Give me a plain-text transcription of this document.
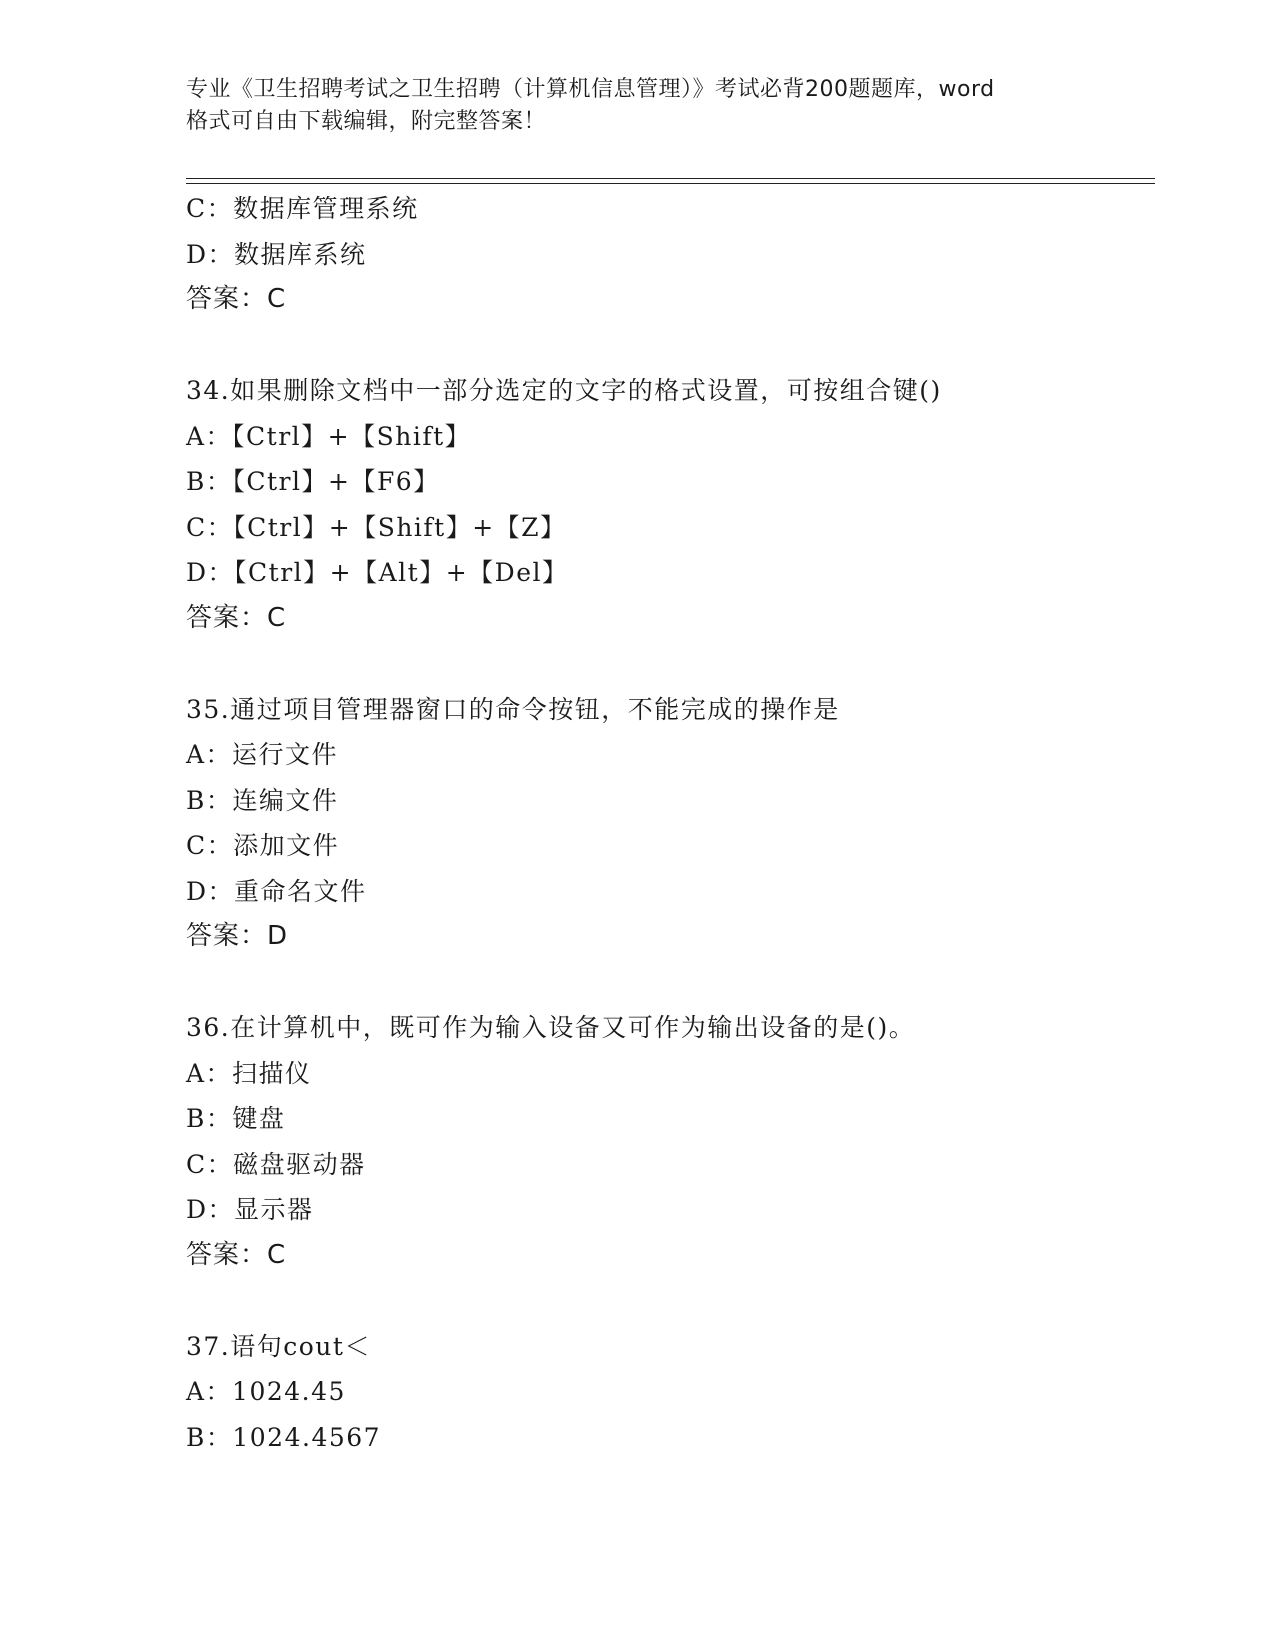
专业《卫生招聘考试之卫生招聘（计算机信息管理）》考试必背200题题库，word
格式可自由下载编辑，附完整答案！
C：数据库管理系统
D：数据库系统
答案：C
34.如果删除文档中一部分选定的文字的格式设置，可按组合键()
A：【Ctrl】+【Shift】
B：【Ctrl】+【F6】
C：【Ctrl】+【Shift】+【Z】
D：【Ctrl】+【Alt】+【Del】
答案：C
35.通过项目管理器窗口的命令按钮，不能完成的操作是
A：运行文件
B：连编文件
C：添加文件
D：重命名文件
答案：D
36.在计算机中，既可作为输入设备又可作为输出设备的是()。
A：扫描仪
B：键盘
C：磁盘驱动器
D：显示器
答案：C
37.语句cout＜
A：1024.45
B：1024.4567
